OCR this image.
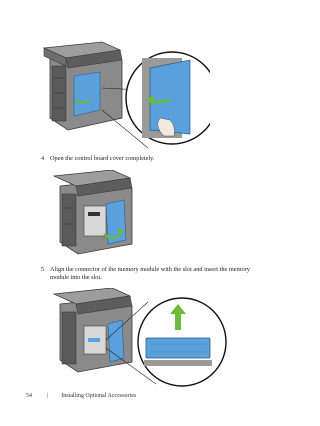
4 Open the control board cover completely.
5 Align the connector of the memory module with the slot and insert the memory module into the slot.
54	| Installing Optional Accessories
